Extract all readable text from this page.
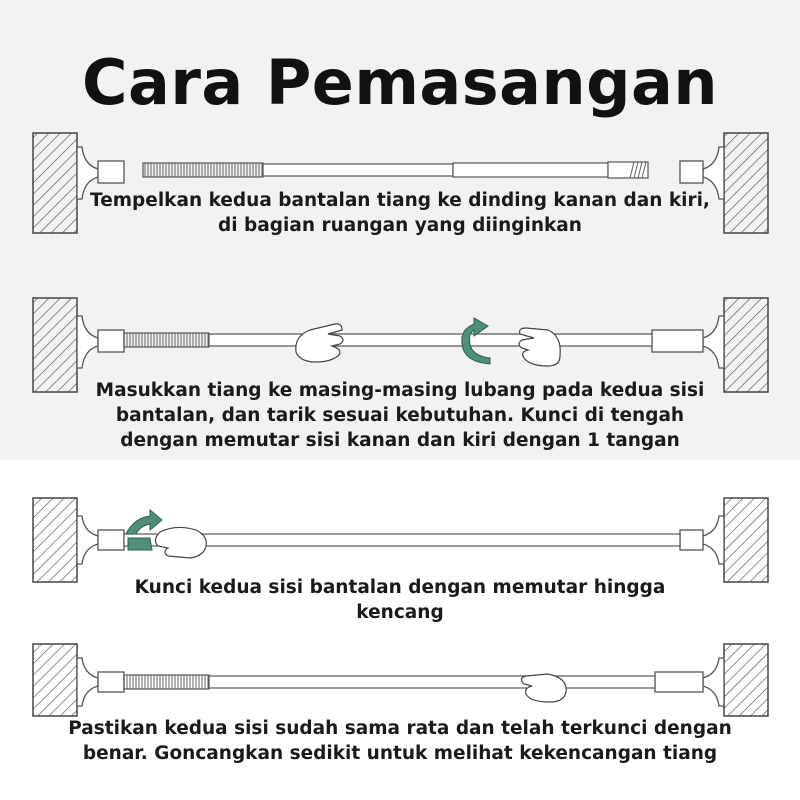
Cara Pemasangan
Tempelkan kedua bantalan tiang ke dinding kanan dan kiri,
di bagian ruangan yang diinginkan
Masukkan tiang ke masing-masing lubang pada kedua sisi
bantalan, dan tarik sesuai kebutuhan. Kunci di tengah
dengan memutar sisi kanan dan kiri dengan 1 tangan
Kunci kedua sisi bantalan dengan memutar hingga
kencang
Pastikan kedua sisi sudah sama rata dan telah terkunci dengan
benar. Goncangkan sedikit untuk melihat kekencangan tiang
